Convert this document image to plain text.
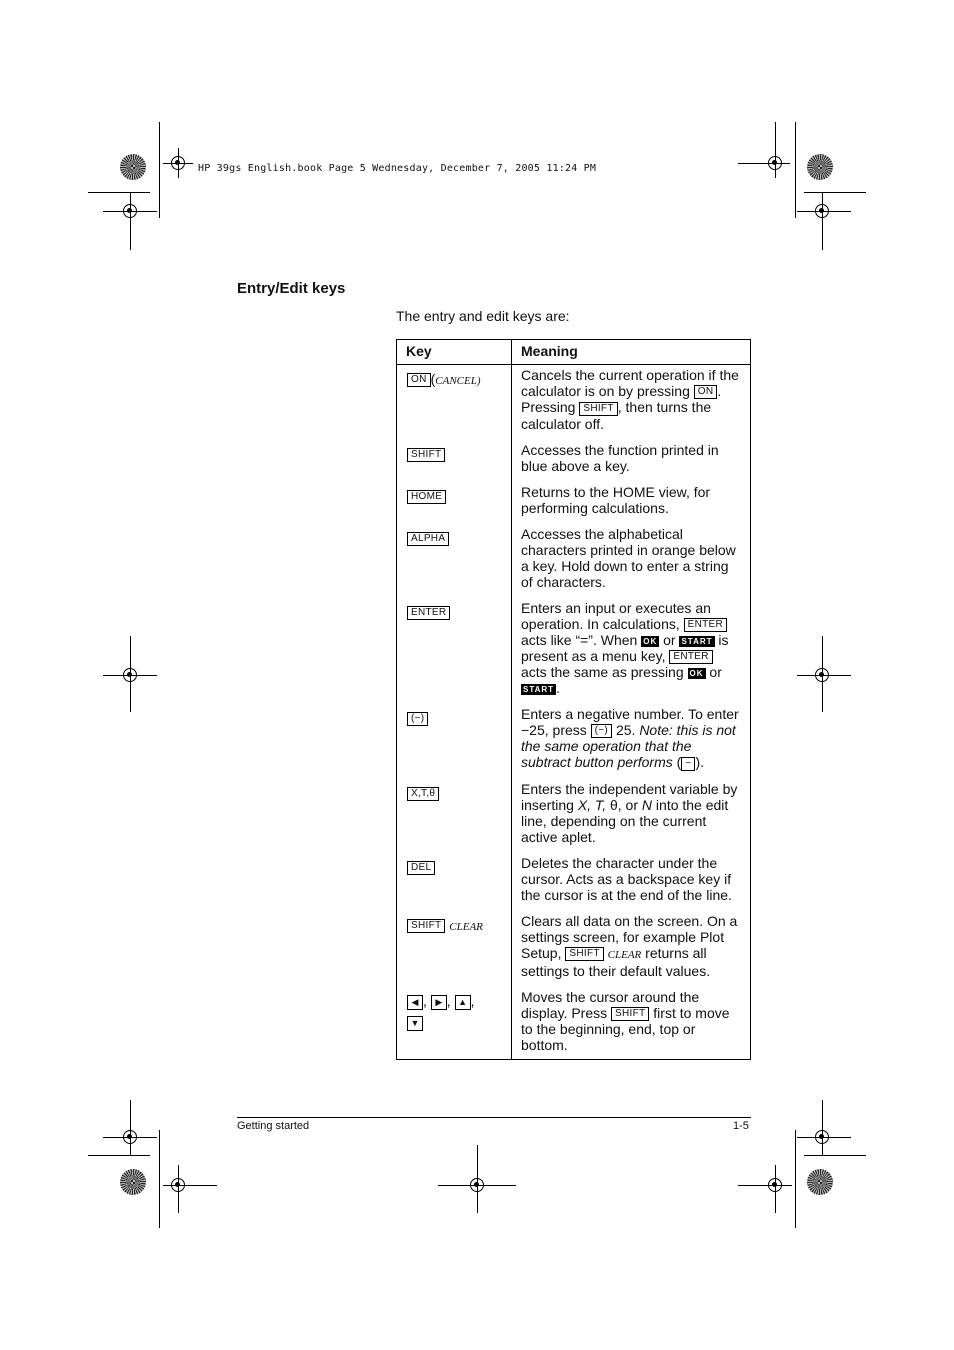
HP 39gs English.book Page 5 Wednesday, December 7, 2005 11:24 PM
Entry/Edit keys
The entry and edit keys are:
Key	Meaning
ON (CANCEL)	Cancels the current operation if the calculator is on by pressing ON . Pressing SHIFT , then turns the calculator off.
SHIFT	Accesses the function printed in blue above a key.
HOME	Returns to the HOME view, for performing calculations.
ALPHA	Accesses the alphabetical characters printed in orange below a key. Hold down to enter a string of characters.
ENTER	Enters an input or executes an operation. In calculations, ENTER acts like “=”. When OK or START is present as a menu key, ENTER acts the same as pressing OK or START .
(−)	Enters a negative number. To enter −25, press (−) 25. Note: this is not the same operation that the subtract button performs ( − ).
X,T,θ	Enters the independent variable by inserting X, T, θ, or N into the edit line, depending on the current active aplet.
DEL	Deletes the character under the cursor. Acts as a backspace key if the cursor is at the end of the line.
SHIFT CLEAR	Clears all data on the screen. On a settings screen, for example Plot Setup, SHIFT CLEAR returns all settings to their default values.
◀ , ▶ , ▲ ,
▼	Moves the cursor around the display. Press SHIFT first to move to the beginning, end, top or bottom.
Getting started	1-5
